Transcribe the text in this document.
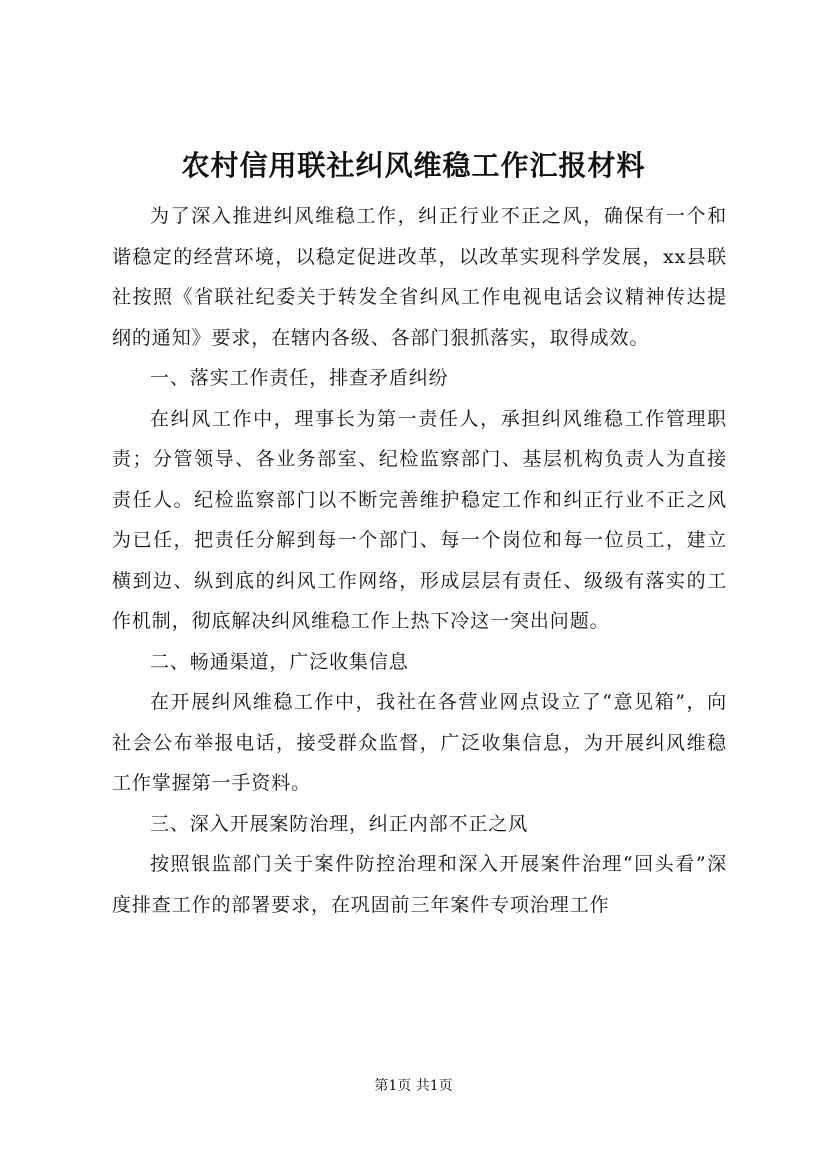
农村信用联社纠风维稳工作汇报材料

为了深入推进纠风维稳工作，纠正行业不正之风，确保有一个和谐稳定的经营环境，以稳定促进改革，以改革实现科学发展，xx县联社按照《省联社纪委关于转发全省纠风工作电视电话会议精神传达提纲的通知》要求，在辖内各级、各部门狠抓落实，取得成效。

一、落实工作责任，排查矛盾纠纷

在纠风工作中，理事长为第一责任人，承担纠风维稳工作管理职责；分管领导、各业务部室、纪检监察部门、基层机构负责人为直接责任人。纪检监察部门以不断完善维护稳定工作和纠正行业不正之风为已任，把责任分解到每一个部门、每一个岗位和每一位员工，建立横到边、纵到底的纠风工作网络，形成层层有责任、级级有落实的工作机制，彻底解决纠风维稳工作上热下冷这一突出问题。

二、畅通渠道，广泛收集信息

在开展纠风维稳工作中，我社在各营业网点设立了“意见箱”，向社会公布举报电话，接受群众监督，广泛收集信息，为开展纠风维稳工作掌握第一手资料。

三、深入开展案防治理，纠正内部不正之风

按照银监部门关于案件防控治理和深入开展案件治理“回头看”深度排查工作的部署要求，在巩固前三年案件专项治理工作

第1页 共1页
